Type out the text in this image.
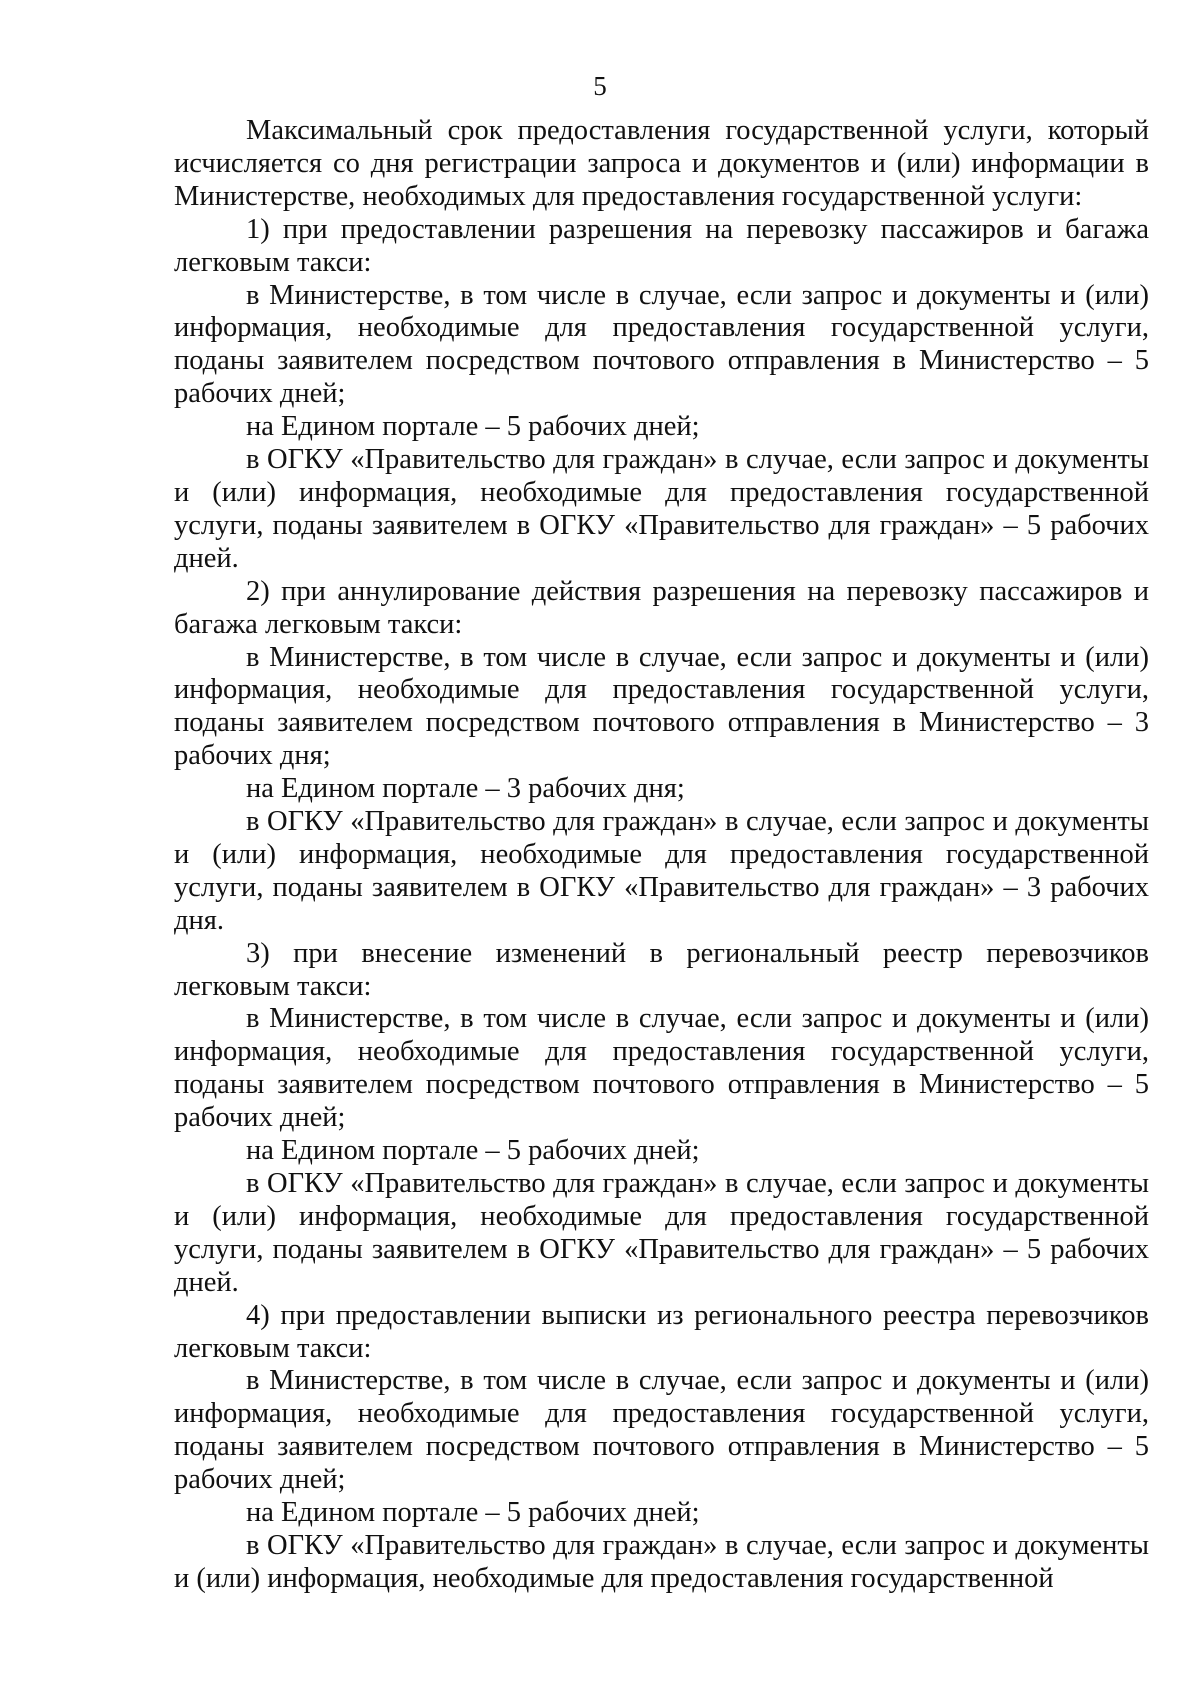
5

Максимальный срок предоставления государственной услуги, который исчисляется со дня регистрации запроса и документов и (или) информации в Министерстве, необходимых для предоставления государственной услуги:

1) при предоставлении разрешения на перевозку пассажиров и багажа легковым такси:

в Министерстве, в том числе в случае, если запрос и документы и (или) информация, необходимые для предоставления государственной услуги, поданы заявителем посредством почтового отправления в Министерство – 5 рабочих дней;

на Едином портале – 5 рабочих дней;

в ОГКУ «Правительство для граждан» в случае, если запрос и документы и (или) информация, необходимые для предоставления государственной услуги, поданы заявителем в ОГКУ «Правительство для граждан» – 5 рабочих дней.

2) при аннулирование действия разрешения на перевозку пассажиров и багажа легковым такси:

в Министерстве, в том числе в случае, если запрос и документы и (или) информация, необходимые для предоставления государственной услуги, поданы заявителем посредством почтового отправления в Министерство – 3 рабочих дня;

на Едином портале – 3 рабочих дня;

в ОГКУ «Правительство для граждан» в случае, если запрос и документы и (или) информация, необходимые для предоставления государственной услуги, поданы заявителем в ОГКУ «Правительство для граждан» – 3 рабочих дня.

3) при внесение изменений в региональный реестр перевозчиков легковым такси:

в Министерстве, в том числе в случае, если запрос и документы и (или) информация, необходимые для предоставления государственной услуги, поданы заявителем посредством почтового отправления в Министерство – 5 рабочих дней;

на Едином портале – 5 рабочих дней;

в ОГКУ «Правительство для граждан» в случае, если запрос и документы и (или) информация, необходимые для предоставления государственной услуги, поданы заявителем в ОГКУ «Правительство для граждан» – 5 рабочих дней.

4) при предоставлении выписки из регионального реестра перевозчиков легковым такси:

в Министерстве, в том числе в случае, если запрос и документы и (или) информация, необходимые для предоставления государственной услуги, поданы заявителем посредством почтового отправления в Министерство – 5 рабочих дней;

на Едином портале – 5 рабочих дней;

в ОГКУ «Правительство для граждан» в случае, если запрос и документы и (или) информация, необходимые для предоставления государственной
